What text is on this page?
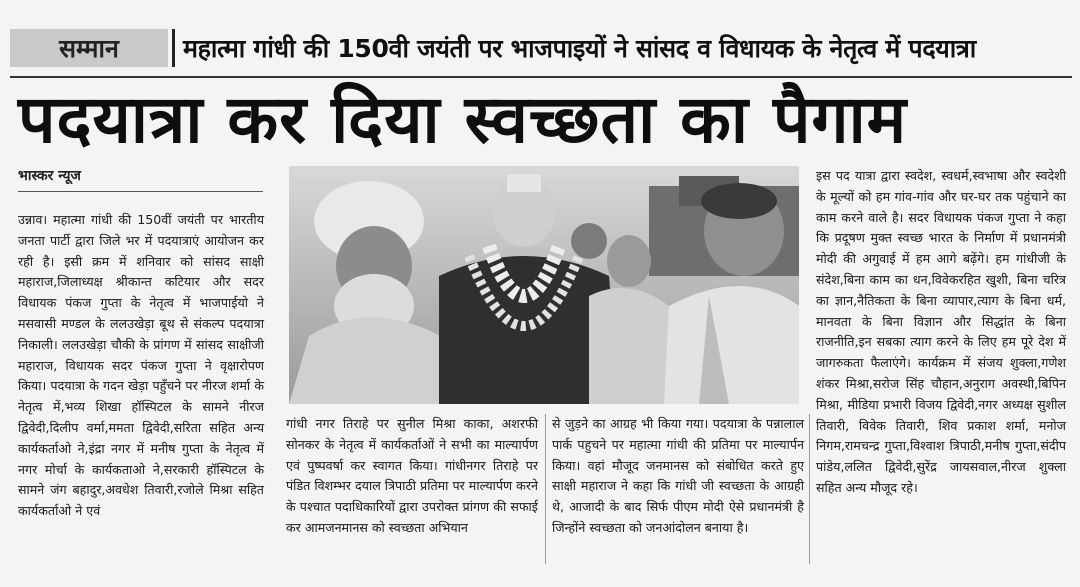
सम्मान	महात्मा गांधी की 150वी जयंती पर भाजपाइयों ने सांसद व विधायक के नेतृत्व में पदयात्रा
पदयात्रा कर दिया स्वच्छता का पैगाम
भास्कर न्यूज
उन्नाव। महात्मा गांधी की 150वीं जयंती पर भारतीय जनता पार्टी द्वारा जिले भर में पदयात्राएं आयोजन कर रही है। इसी क्रम में शनिवार को सांसद साक्षी महाराज,जिलाध्यक्ष श्रीकान्त कटियार और सदर विधायक पंकज गुप्ता के नेतृत्व में भाजपाईयो ने मसवासी मण्डल के ललउखेड़ा बूथ से संकल्प पदयात्रा निकाली। ललउखेड़ा चौकी के प्रांगण में सांसद साक्षीजी महाराज, विधायक सदर पंकज गुप्ता ने वृक्षारोपण किया। पदयात्रा के गदन खेड़ा पहुँचने पर नीरज शर्मा के नेतृत्व में,भव्य शिखा हॉस्पिटल के सामने नीरज द्विवेदी,दिलीप वर्मा,ममता द्विवेदी,सरिता सहित अन्य कार्यकर्ताओ ने,इंद्रा नगर में मनीष गुप्ता के नेतृत्व में नगर मोर्चा के कार्यकताओ ने,सरकारी हॉस्पिटल के सामने जंग बहादुर,अवधेश तिवारी,रजोले मिश्रा सहित कार्यकर्ताओ ने एवं
गांधी नगर तिराहे पर सुनील मिश्रा काका, अशरफी सोनकर के नेतृत्व में कार्यकर्ताओं ने सभी का माल्यार्पण एवं पुष्पवर्षा कर स्वागत किया। गांधीनगर तिराहे पर पंडित विशम्भर दयाल त्रिपाठी प्रतिमा पर माल्यार्पण करने के पश्चात पदाधिकारियों द्वारा उपरोक्त प्रांगण की सफाई कर आमजनमानस को स्वच्छता अभियान
से जुड़ने का आग्रह भी किया गया। पदयात्रा के पन्नालाल पार्क पहुचने पर महात्मा गांधी की प्रतिमा पर माल्यार्पन किया। वहां मौजूद जनमानस को संबोधित करते हुए साक्षी महाराज ने कहा कि गांधी जी स्वच्छता के आग्रही थे, आजादी के बाद सिर्फ पीएम मोदी ऐसे प्रधानमंत्री है जिन्होंने स्वच्छता को जनआंदोलन बनाया है।
इस पद यात्रा द्वारा स्वदेश, स्वधर्म,स्वभाषा और स्वदेशी के मूल्यों को हम गांव-गांव और घर-घर तक पहुंचाने का काम करने वाले है। सदर विधायक पंकज गुप्ता ने कहा कि प्रदूषण मुक्त स्वच्छ भारत के निर्माण में प्रधानमंत्री मोदी की अगुवाई में हम आगे बढ़ेंगे। हम गांधीजी के संदेश,बिना काम का धन,विवेकरहित खुशी, बिना चरित्र का ज्ञान,नैतिकता के बिना व्यापार,त्याग के बिना धर्म, मानवता के बिना विज्ञान और सिद्धांत के बिना राजनीति,इन सबका त्याग करने के लिए हम पूरे देश में जागरुकता फैलाएंगे। कार्यक्रम में संजय शुक्ला,गणेश शंकर मिश्रा,सरोज सिंह चौहान,अनुराग अवस्थी,बिपिन मिश्रा, मीडिया प्रभारी विजय द्विवेदी,नगर अध्यक्ष सुशील तिवारी, विवेक तिवारी, शिव प्रकाश शर्मा, मनोज निगम,रामचन्द्र गुप्ता,विश्वाश त्रिपाठी,मनीष गुप्ता,संदीप पांडेय,ललित द्विवेदी,सुरेंद्र जायसवाल,नीरज शुक्ला सहित अन्य मौजूद रहे।
